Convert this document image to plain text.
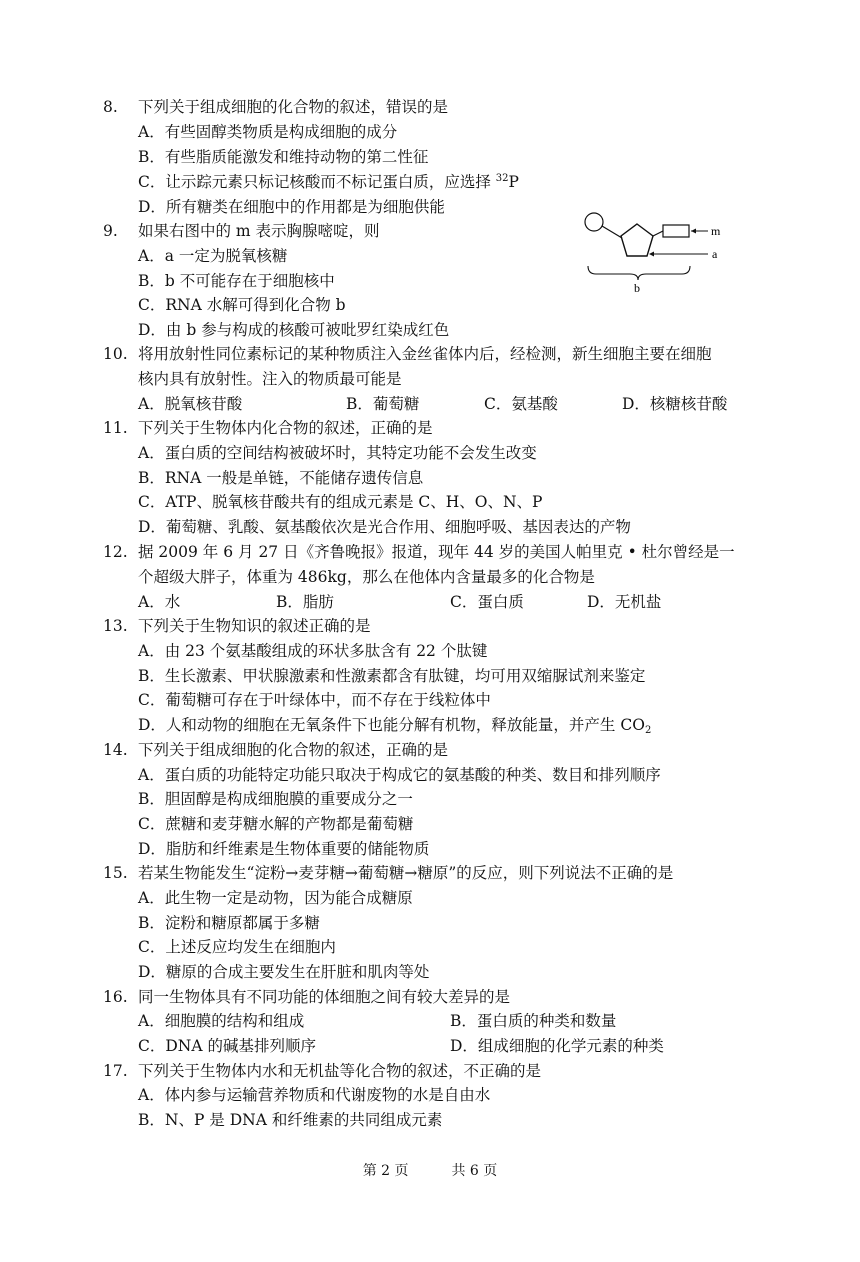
8. 下列关于组成细胞的化合物的叙述，错误的是
A．有些固醇类物质是构成细胞的成分
B．有些脂质能激发和维持动物的第二性征
C．让示踪元素只标记核酸而不标记蛋白质，应选择 $^{32}$P
D．所有糖类在细胞中的作用都是为细胞供能
9. 如果右图中的 m 表示胸腺嘧啶，则
A．a 一定为脱氧核糖
B．b 不可能存在于细胞核中
C．RNA 水解可得到化合物 b
D．由 b 参与构成的核酸可被吡罗红染成红色
m
a
b
10. 将用放射性同位素标记的某种物质注入金丝雀体内后，经检测，新生细胞主要在细胞
核内具有放射性。注入的物质最可能是
A．脱氧核苷酸	B．葡萄糖	C．氨基酸	D．核糖核苷酸
11. 下列关于生物体内化合物的叙述，正确的是
A．蛋白质的空间结构被破坏时，其特定功能不会发生改变
B．RNA 一般是单链，不能储存遗传信息
C．ATP、脱氧核苷酸共有的组成元素是 C、H、O、N、P
D．葡萄糖、乳酸、氨基酸依次是光合作用、细胞呼吸、基因表达的产物
12. 据 2009 年 6 月 27 日《齐鲁晚报》报道，现年 44 岁的美国人帕里克 • 杜尔曾经是一
个超级大胖子，体重为 486kg，那么在他体内含量最多的化合物是
A．水	B．脂肪	C．蛋白质	D．无机盐
13. 下列关于生物知识的叙述正确的是
A．由 23 个氨基酸组成的环状多肽含有 22 个肽键
B．生长激素、甲状腺激素和性激素都含有肽键，均可用双缩脲试剂来鉴定
C．葡萄糖可存在于叶绿体中，而不存在于线粒体中
D．人和动物的细胞在无氧条件下也能分解有机物，释放能量，并产生 $CO_2$
14. 下列关于组成细胞的化合物的叙述，正确的是
A．蛋白质的功能特定功能只取决于构成它的氨基酸的种类、数目和排列顺序
B．胆固醇是构成细胞膜的重要成分之一
C．蔗糖和麦芽糖水解的产物都是葡萄糖
D．脂肪和纤维素是生物体重要的储能物质
15. 若某生物能发生“淀粉→麦芽糖→葡萄糖→糖原”的反应，则下列说法不正确的是
A．此生物一定是动物，因为能合成糖原
B．淀粉和糖原都属于多糖
C．上述反应均发生在细胞内
D．糖原的合成主要发生在肝脏和肌肉等处
16. 同一生物体具有不同功能的体细胞之间有较大差异的是
A．细胞膜的结构和组成	B．蛋白质的种类和数量
C．DNA 的碱基排列顺序	D．组成细胞的化学元素的种类
17. 下列关于生物体内水和无机盐等化合物的叙述，不正确的是
A．体内参与运输营养物质和代谢废物的水是自由水
B．N、P 是 DNA 和纤维素的共同组成元素
第 2 页	共 6 页
